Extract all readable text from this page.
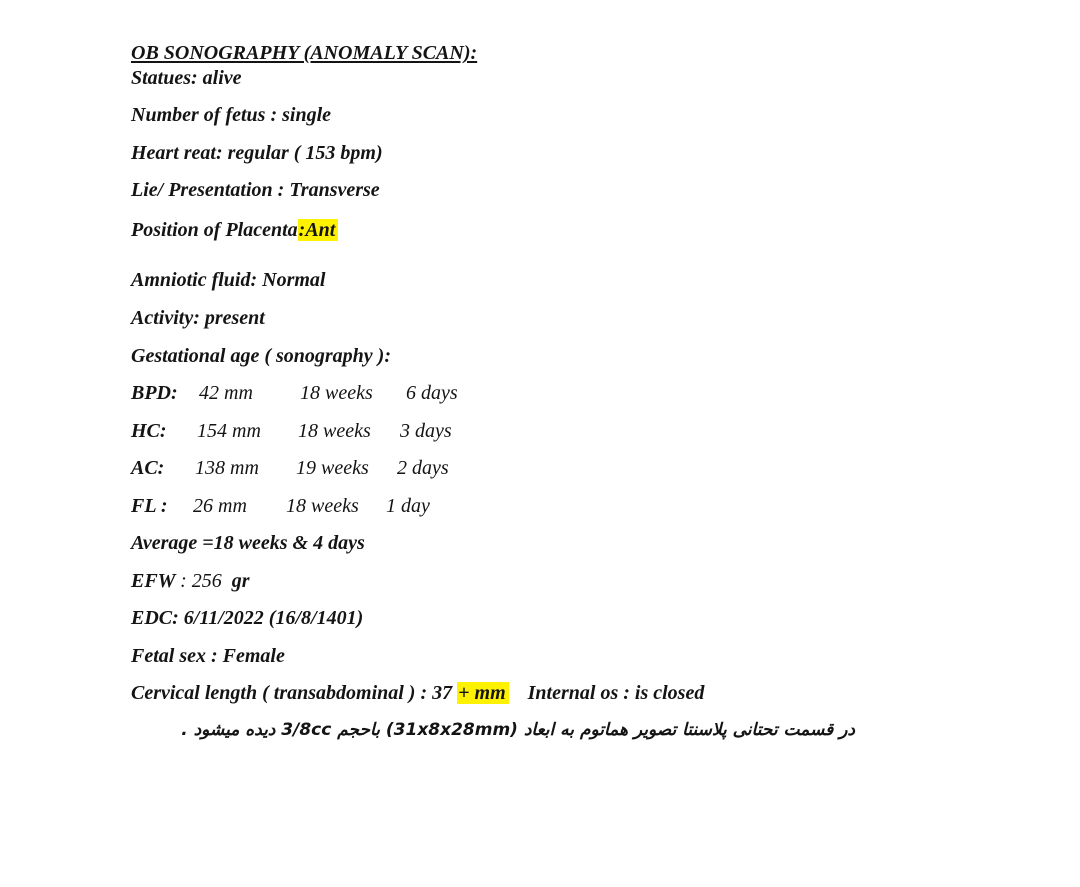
OB SONOGRAPHY (ANOMALY SCAN):
Statues: alive
Number of fetus : single
Heart reat: regular ( 153 bpm)
Lie/ Presentation : Transverse
Position of Placenta:Ant
Amniotic fluid: Normal
Activity: present
Gestational age ( sonography ):
BPD: 42 mm 18 weeks 6 days
HC: 154 mm 18 weeks 3 days
AC: 138 mm 19 weeks 2 days
FL : 26 mm 18 weeks 1 day
Average =18 weeks & 4 days
EFW : 256 gr
EDC: 6/11/2022 (16/8/1401)
Fetal sex : Female
Cervical length ( transabdominal ) : 37 + mm Internal os : is closed
در قسمت تحتانی پلاسنتا تصویر هماتوم به ابعاد (31x8x28mm) باحجم 3/8cc دیده میشود .
